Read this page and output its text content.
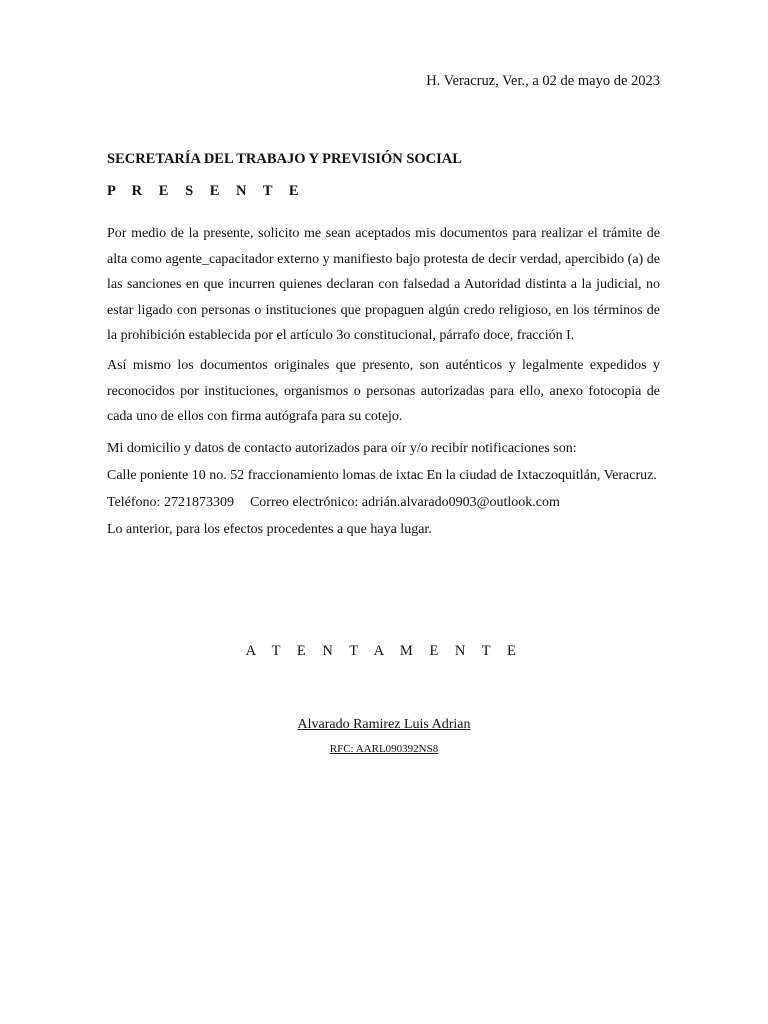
H. Veracruz, Ver., a 02 de mayo de 2023
SECRETARÍA DEL TRABAJO Y PREVISIÓN SOCIAL
P R E S E N T E
Por medio de la presente, solicito me sean aceptados mis documentos para realizar el trámite de alta como agente_capacitador externo y manifiesto bajo protesta de decir verdad, apercibido (a) de las sanciones en que incurren quienes declaran con falsedad a Autoridad distinta a la judicial, no estar ligado con personas o instituciones que propaguen algún credo religioso, en los términos de la prohibición establecida por el artículo 3o constitucional, párrafo doce, fracción I.
Así mismo los documentos originales que presento, son auténticos y legalmente expedidos y reconocidos por instituciones, organismos o personas autorizadas para ello, anexo fotocopia de cada uno de ellos con firma autógrafa para su cotejo.
Mi domicilio y datos de contacto autorizados para oír y/o recibir notificaciones son:
Calle poniente 10 no. 52 fraccionamiento lomas de ixtac En la ciudad de Ixtaczoquitlán, Veracruz.
Teléfono: 2721873309 Correo electrónico: adrián.alvarado0903@outlook.com
Lo anterior, para los efectos procedentes a que haya lugar.
A T E N T A M E N T E
Alvarado Ramirez Luis Adrian
RFC: AARL090392NS8
